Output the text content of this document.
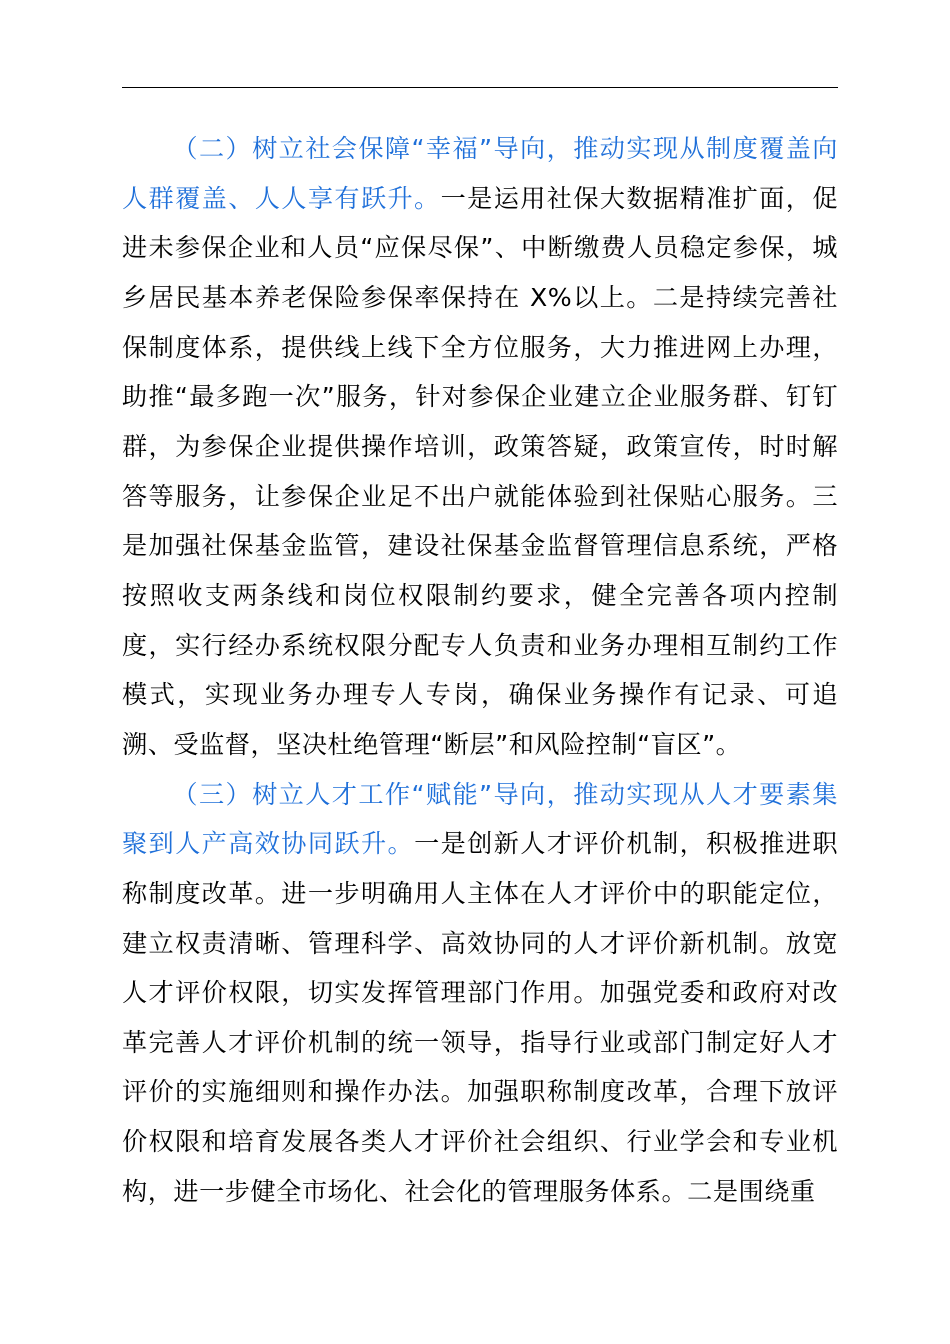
（二）树立社会保障“幸福”导向，推动实现从制度覆盖向人群覆盖、人人享有跃升。一是运用社保大数据精准扩面，促进未参保企业和人员“应保尽保”、中断缴费人员稳定参保，城乡居民基本养老保险参保率保持在 X%以上。二是持续完善社保制度体系，提供线上线下全方位服务，大力推进网上办理，助推“最多跑一次”服务，针对参保企业建立企业服务群、钉钉群，为参保企业提供操作培训，政策答疑，政策宣传，时时解答等服务，让参保企业足不出户就能体验到社保贴心服务。三是加强社保基金监管，建设社保基金监督管理信息系统，严格按照收支两条线和岗位权限制约要求，健全完善各项内控制度，实行经办系统权限分配专人负责和业务办理相互制约工作模式，实现业务办理专人专岗，确保业务操作有记录、可追溯、受监督，坚决杜绝管理“断层”和风险控制“盲区”。

（三）树立人才工作“赋能”导向，推动实现从人才要素集聚到人产高效协同跃升。一是创新人才评价机制，积极推进职称制度改革。进一步明确用人主体在人才评价中的职能定位，建立权责清晰、管理科学、高效协同的人才评价新机制。放宽人才评价权限，切实发挥管理部门作用。加强党委和政府对改革完善人才评价机制的统一领导，指导行业或部门制定好人才评价的实施细则和操作办法。加强职称制度改革，合理下放评价权限和培育发展各类人才评价社会组织、行业学会和专业机构，进一步健全市场化、社会化的管理服务体系。二是围绕重
